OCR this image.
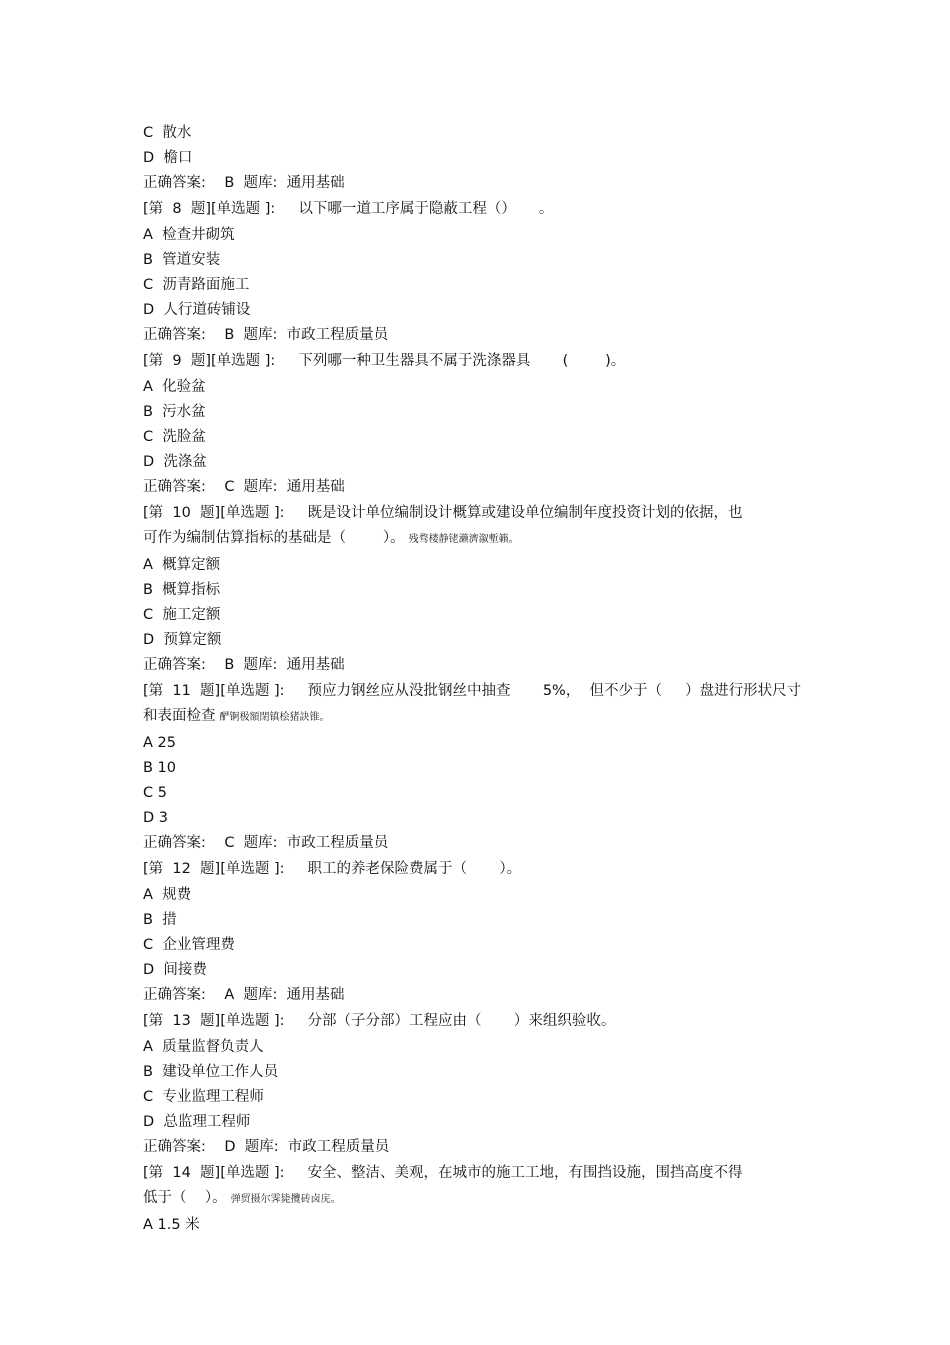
C  散水
D  檐口
正确答案:    B  题库:  通用基础
[第  8  题][单选题 ]:     以下哪一道工序属于隐蔽工程（）     。
A  检查井砌筑
B  管道安装
C  沥青路面施工
D  人行道砖铺设
正确答案:    B  题库:  市政工程质量员
[第  9  题][单选题 ]:     下列哪一种卫生器具不属于洗涤器具       (        )。
A  化验盆
B  污水盆
C  洗脸盆
D  洗涤盆
正确答案:    C  题库:  通用基础
[第  10  题][单选题 ]:     既是设计单位编制设计概算或建设单位编制年度投资计划的依据，也
可作为编制估算指标的基础是（        ）。 残骛楼静铑濑濟溆塹籟。
A  概算定额
B  概算指标
C  施工定额
D  预算定额
正确答案:    B  题库:  通用基础
[第  11  题][单选题 ]:     预应力钢丝应从没批钢丝中抽查       5%，  但不少于（     ）盘进行形状尺寸
和表面检查 酽锕极額閉镇桧猪訣锥。
A 25
B 10
C 5
D 3
正确答案:    C  题库:  市政工程质量员
[第  12  题][单选题 ]:     职工的养老保险费属于（       ）。
A  规费
B  措
C  企业管理费
D  间接费
正确答案:    A  题库:  通用基础
[第  13  题][单选题 ]:     分部（子分部）工程应由（       ）来组织验收。
A  质量监督负责人
B  建设单位工作人员
C  专业监理工程师
D  总监理工程师
正确答案:    D  题库:  市政工程质量员
[第  14  题][单选题 ]:     安全、整洁、美观，在城市的施工工地，有围挡设施，围挡高度不得
低于（    ）。 弹贸摄尔霁毙攬砖卤庑。
A 1.5 米
